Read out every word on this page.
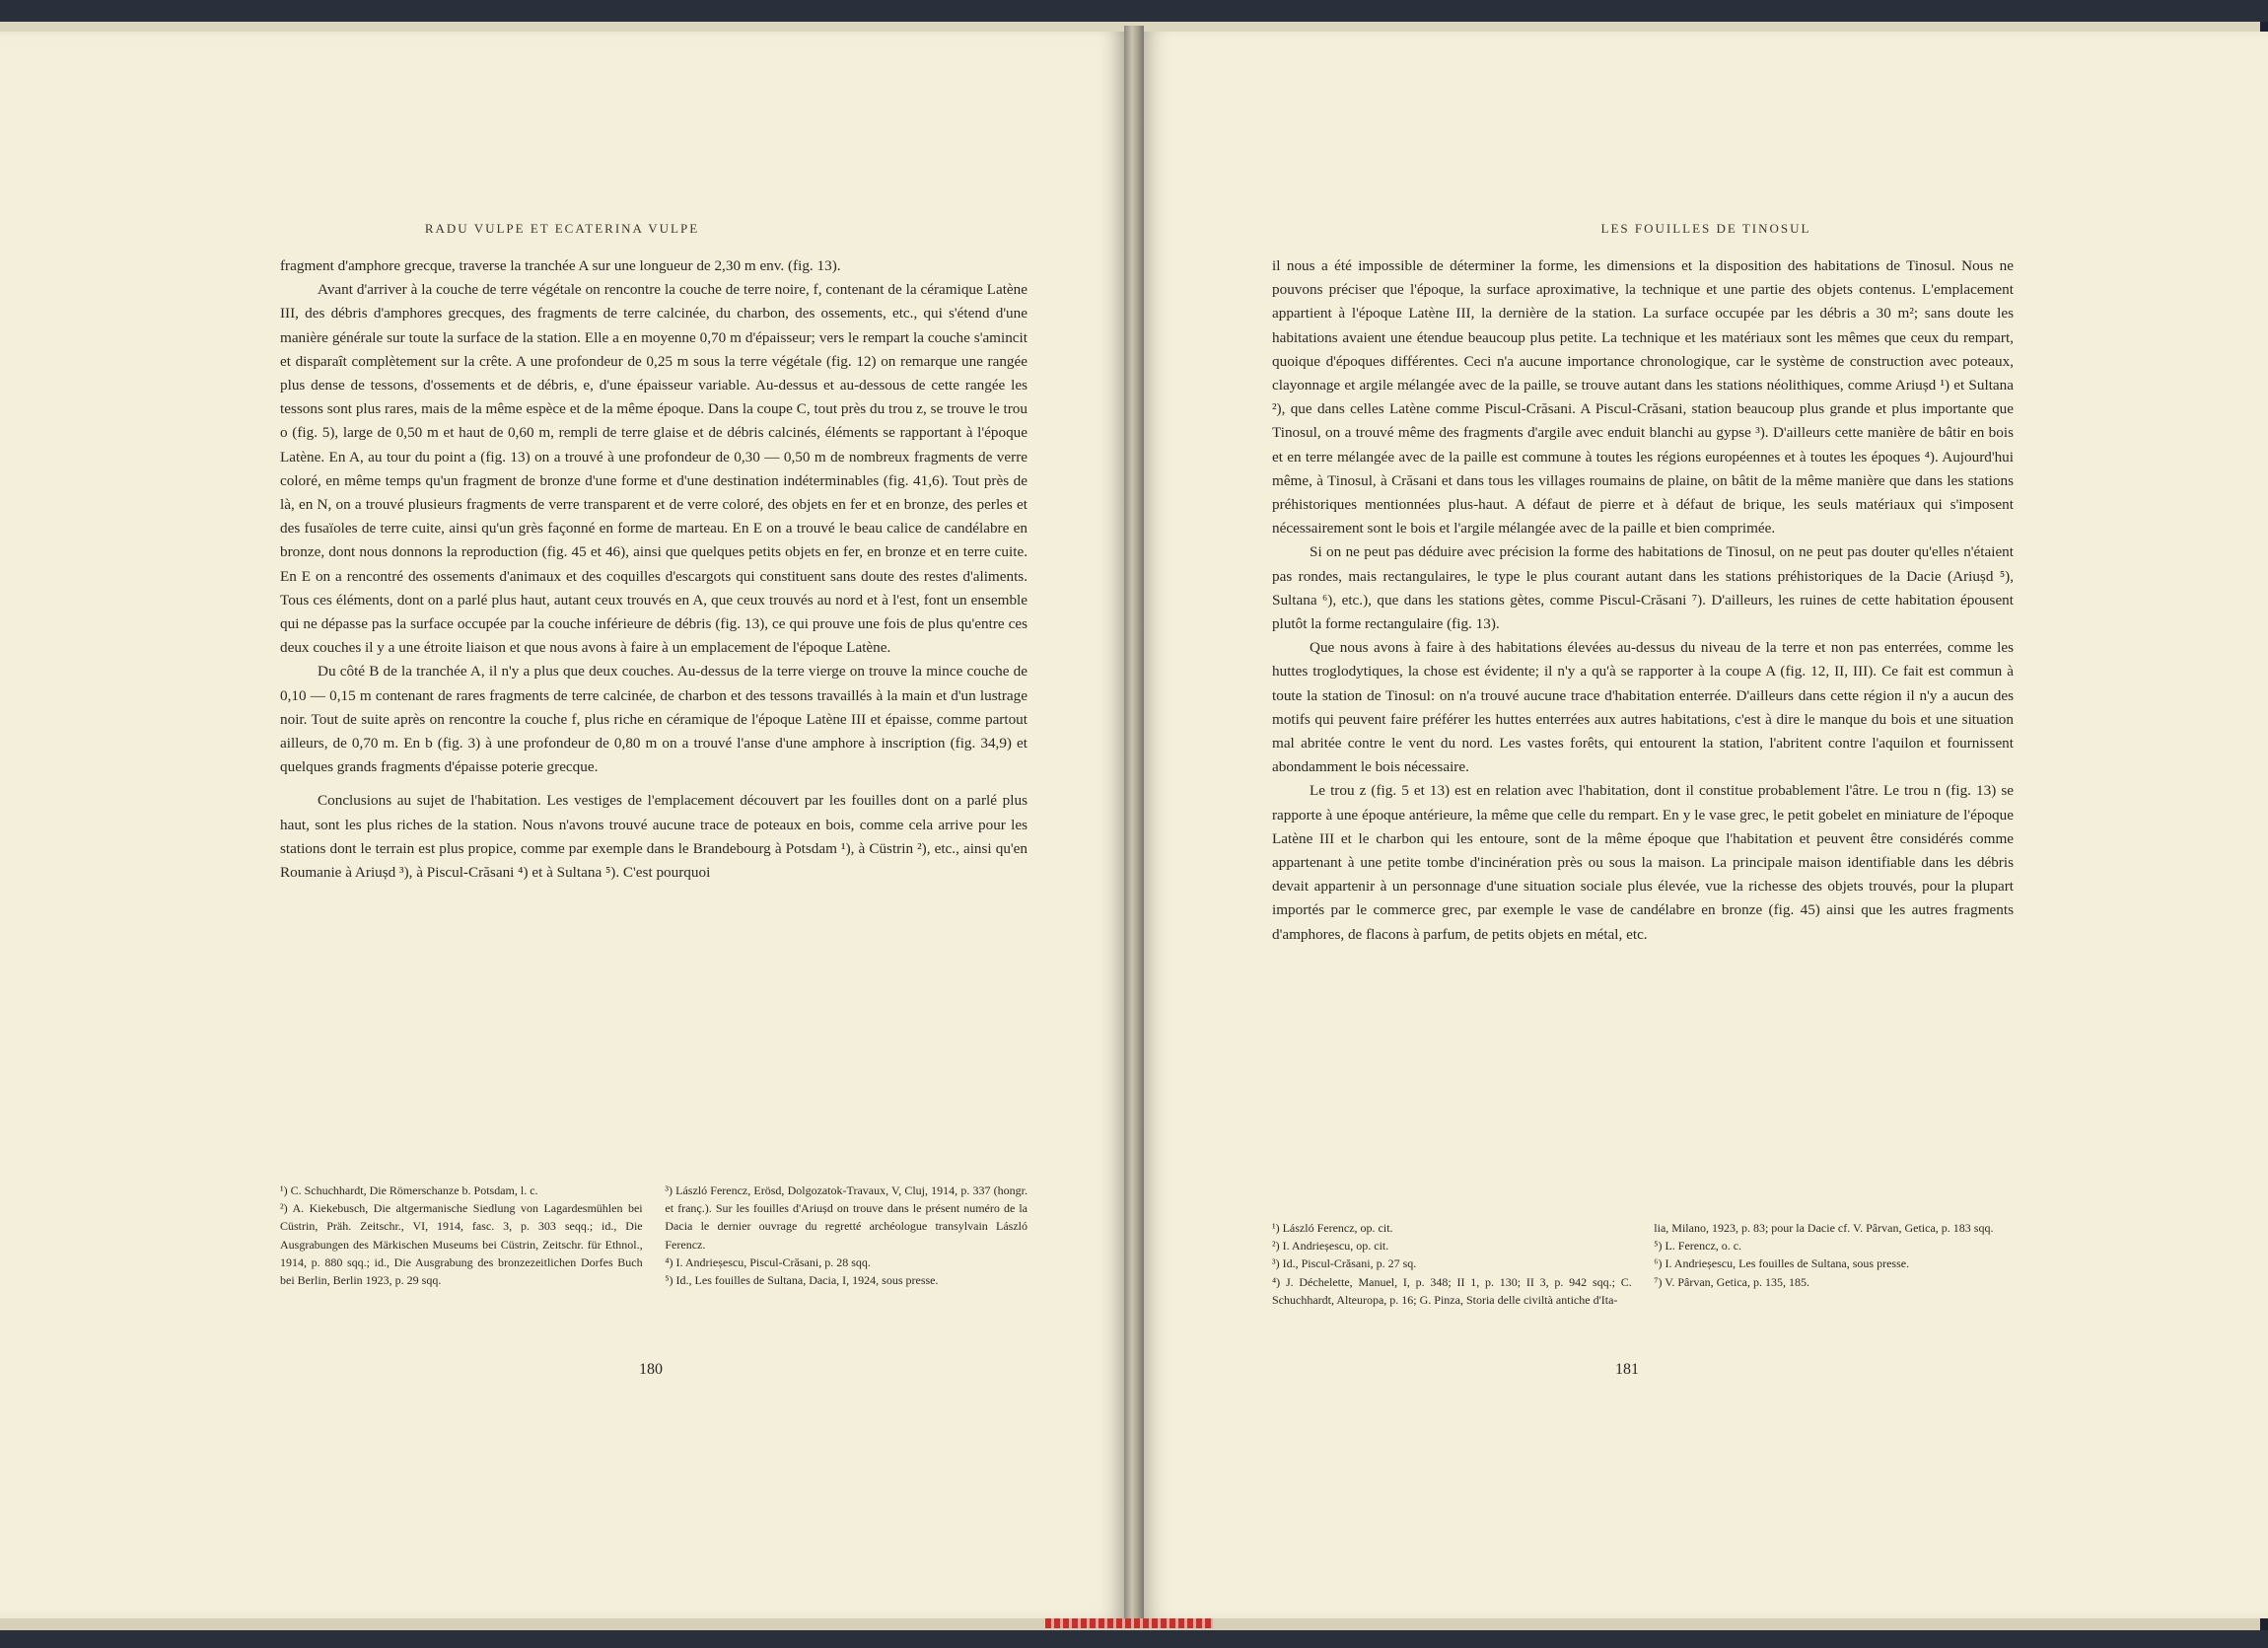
RADU VULPE ET ECATERINA VULPE

fragment d'amphore grecque, traverse la tranchée A sur une longueur de 2,30 m env. (fig. 13).

Avant d'arriver à la couche de terre végétale on rencontre la couche de terre noire, f, contenant de la céramique Latène III, des débris d'amphores grecques, des fragments de terre calcinée, du charbon, des ossements, etc., qui s'étend d'une manière générale sur toute la surface de la station. Elle a en moyenne 0,70 m d'épaisseur; vers le rempart la couche s'amincit et disparaît complètement sur la crête. A une profondeur de 0,25 m sous la terre végétale (fig. 12) on remarque une rangée plus dense de tessons, d'ossements et de débris, e, d'une épaisseur variable. Au-dessus et au-dessous de cette rangée les tessons sont plus rares, mais de la même espèce et de la même époque. Dans la coupe C, tout près du trou z, se trouve le trou o (fig. 5), large de 0,50 m et haut de 0,60 m, rempli de terre glaise et de débris calcinés, éléments se rapportant à l'époque Latène. En A, au tour du point a (fig. 13) on a trouvé à une profondeur de 0,30 — 0,50 m de nombreux fragments de verre coloré, en même temps qu'un fragment de bronze d'une forme et d'une destination indéterminables (fig. 41,6). Tout près de là, en N, on a trouvé plusieurs fragments de verre transparent et de verre coloré, des objets en fer et en bronze, des perles et des fusaïoles de terre cuite, ainsi qu'un grès façonné en forme de marteau. En E on a trouvé le beau calice de candélabre en bronze, dont nous donnons la reproduction (fig. 45 et 46), ainsi que quelques petits objets en fer, en bronze et en terre cuite. En E on a rencontré des ossements d'animaux et des coquilles d'escargots qui constituent sans doute des restes d'aliments. Tous ces éléments, dont on a parlé plus haut, autant ceux trouvés en A, que ceux trouvés au nord et à l'est, font un ensemble qui ne dépasse pas la surface occupée par la couche inférieure de débris (fig. 13), ce qui prouve une fois de plus qu'entre ces deux couches il y a une étroite liaison et que nous avons à faire à un emplacement de l'époque Latène.

Du côté B de la tranchée A, il n'y a plus que deux couches. Au-dessus de la terre vierge on trouve la mince couche de 0,10 — 0,15 m contenant de rares fragments de terre calcinée, de charbon et des tessons travaillés à la main et d'un lustrage noir. Tout de suite après on rencontre la couche f, plus riche en céramique de l'époque Latène III et épaisse, comme partout ailleurs, de 0,70 m. En b (fig. 3) à une profondeur de 0,80 m on a trouvé l'anse d'une amphore à inscription (fig. 34,9) et quelques grands fragments d'épaisse poterie grecque.

Conclusions au sujet de l'habitation. Les vestiges de l'emplacement découvert par les fouilles dont on a parlé plus haut, sont les plus riches de la station. Nous n'avons trouvé aucune trace de poteaux en bois, comme cela arrive pour les stations dont le terrain est plus propice, comme par exemple dans le Brandebourg à Potsdam ¹), à Cüstrin ²), etc., ainsi qu'en Roumanie à Ariușd ³), à Piscul-Crăsani ⁴) et à Sultana ⁵). C'est pourquoi

¹) C. Schuchhardt, Die Römerschanze b. Potsdam, l. c.

²) A. Kiekebusch, Die altgermanische Siedlung von Lagardesmühlen bei Cüstrin, Präh. Zeitschr., VI, 1914, fasc. 3, p. 303 seqq.; id., Die Ausgrabungen des Märkischen Museums bei Cüstrin, Zeitschr. für Ethnol., 1914, p. 880 sqq.; id., Die Ausgrabung des bronzezeitlichen Dorfes Buch bei Berlin, Berlin 1923, p. 29 sqq.

³) László Ferencz, Erösd, Dolgozatok-Travaux, V, Cluj, 1914, p. 337 (hongr. et franç.). Sur les fouilles d'Ariușd on trouve dans le présent numéro de la Dacia le dernier ouvrage du regretté archéologue transylvain László Ferencz.

⁴) I. Andrieșescu, Piscul-Crăsani, p. 28 sqq.

⁵) Id., Les fouilles de Sultana, Dacia, I, 1924, sous presse.

180
LES FOUILLES DE TINOSUL

il nous a été impossible de déterminer la forme, les dimensions et la disposition des habitations de Tinosul. Nous ne pouvons préciser que l'époque, la surface aproximative, la technique et une partie des objets contenus. L'emplacement appartient à l'époque Latène III, la dernière de la station. La surface occupée par les débris a 30 m²; sans doute les habitations avaient une étendue beaucoup plus petite. La technique et les matériaux sont les mêmes que ceux du rempart, quoique d'époques différentes. Ceci n'a aucune importance chronologique, car le système de construction avec poteaux, clayonnage et argile mélangée avec de la paille, se trouve autant dans les stations néolithiques, comme Ariușd ¹) et Sultana ²), que dans celles Latène comme Piscul-Crăsani. A Piscul-Crăsani, station beaucoup plus grande et plus importante que Tinosul, on a trouvé même des fragments d'argile avec enduit blanchi au gypse ³). D'ailleurs cette manière de bâtir en bois et en terre mélangée avec de la paille est commune à toutes les régions européennes et à toutes les époques ⁴). Aujourd'hui même, à Tinosul, à Crăsani et dans tous les villages roumains de plaine, on bâtit de la même manière que dans les stations préhistoriques mentionnées plus-haut. A défaut de pierre et à défaut de brique, les seuls matériaux qui s'imposent nécessairement sont le bois et l'argile mélangée avec de la paille et bien comprimée.

Si on ne peut pas déduire avec précision la forme des habitations de Tinosul, on ne peut pas douter qu'elles n'étaient pas rondes, mais rectangulaires, le type le plus courant autant dans les stations préhistoriques de la Dacie (Ariușd ⁵), Sultana ⁶), etc.), que dans les stations gètes, comme Piscul-Crăsani ⁷). D'ailleurs, les ruines de cette habitation épousent plutôt la forme rectangulaire (fig. 13).

Que nous avons à faire à des habitations élevées au-dessus du niveau de la terre et non pas enterrées, comme les huttes troglodytiques, la chose est évidente; il n'y a qu'à se rapporter à la coupe A (fig. 12, II, III). Ce fait est commun à toute la station de Tinosul: on n'a trouvé aucune trace d'habitation enterrée. D'ailleurs dans cette région il n'y a aucun des motifs qui peuvent faire préférer les huttes enterrées aux autres habitations, c'est à dire le manque du bois et une situation mal abritée contre le vent du nord. Les vastes forêts, qui entourent la station, l'abritent contre l'aquilon et fournissent abondamment le bois nécessaire.

Le trou z (fig. 5 et 13) est en relation avec l'habitation, dont il constitue probablement l'âtre. Le trou n (fig. 13) se rapporte à une époque antérieure, la même que celle du rempart. En y le vase grec, le petit gobelet en miniature de l'époque Latène III et le charbon qui les entoure, sont de la même époque que l'habitation et peuvent être considérés comme appartenant à une petite tombe d'incinération près ou sous la maison. La principale maison identifiable dans les débris devait appartenir à un personnage d'une situation sociale plus élevée, vue la richesse des objets trouvés, pour la plupart importés par le commerce grec, par exemple le vase de candélabre en bronze (fig. 45) ainsi que les autres fragments d'amphores, de flacons à parfum, de petits objets en métal, etc.

¹) László Ferencz, op. cit.

²) I. Andrieșescu, op. cit.

³) Id., Piscul-Crăsani, p. 27 sq.

⁴) J. Déchelette, Manuel, I, p. 348; II 1, p. 130; II 3, p. 942 sqq.; C. Schuchhardt, Alteuropa, p. 16; G. Pinza, Storia delle civiltà antiche d'Ita-

lia, Milano, 1923, p. 83; pour la Dacie cf. V. Pârvan, Getica, p. 183 sqq.

⁵) L. Ferencz, o. c.

⁶) I. Andrieșescu, Les fouilles de Sultana, sous presse.

⁷) V. Pârvan, Getica, p. 135, 185.

181
